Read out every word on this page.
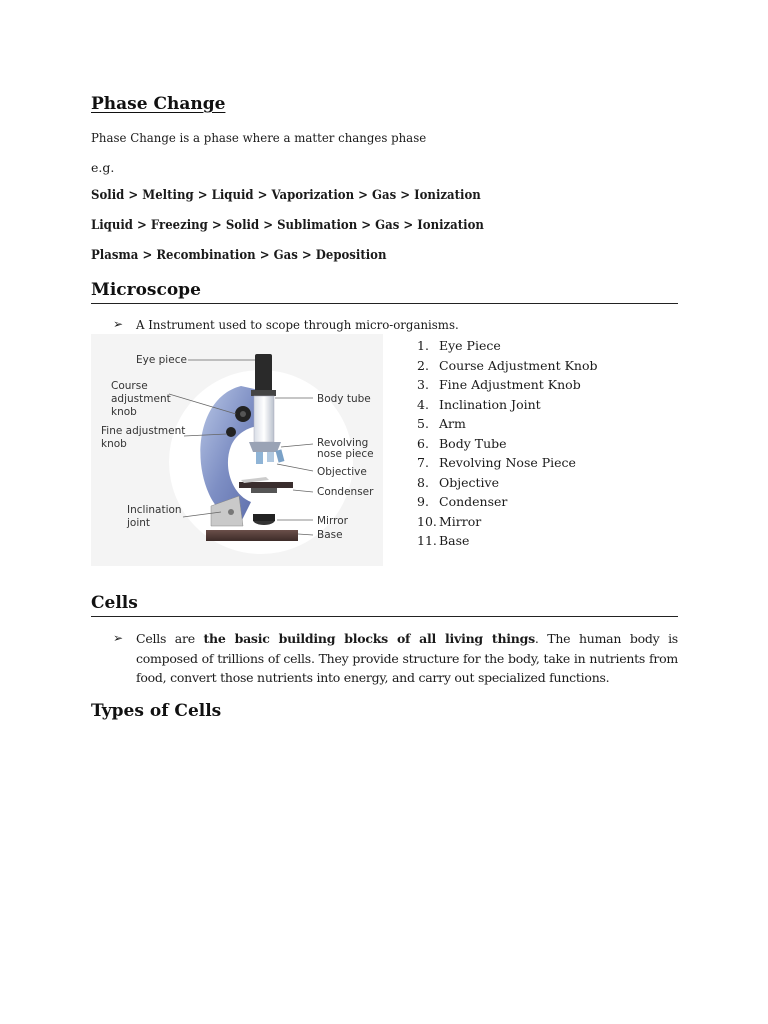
Phase Change

Phase Change is a phase where a matter changes phase

e.g.

Solid > Melting > Liquid > Vaporization > Gas > Ionization

Liquid > Freezing > Solid > Sublimation > Gas > Ionization

Plasma > Recombination > Gas > Deposition

Microscope
➢ A Instrument used to scope through micro-organisms.
Eye piece
Course
adjustment
knob
Fine adjustment
knob
Inclination
joint
Body tube
Revolving
nose piece
Objective
Condenser
Mirror
Base
1. Eye Piece
2. Course Adjustment Knob
3. Fine Adjustment Knob
4. Inclination Joint
5. Arm
6. Body Tube
7. Revolving Nose Piece
8. Objective
9. Condenser
10. Mirror
11. Base
Cells
➢ Cells are the basic building blocks of all living things. The human body is composed of trillions of cells. They provide structure for the body, take in nutrients from food, convert those nutrients into energy, and carry out specialized functions.
Types of Cells
